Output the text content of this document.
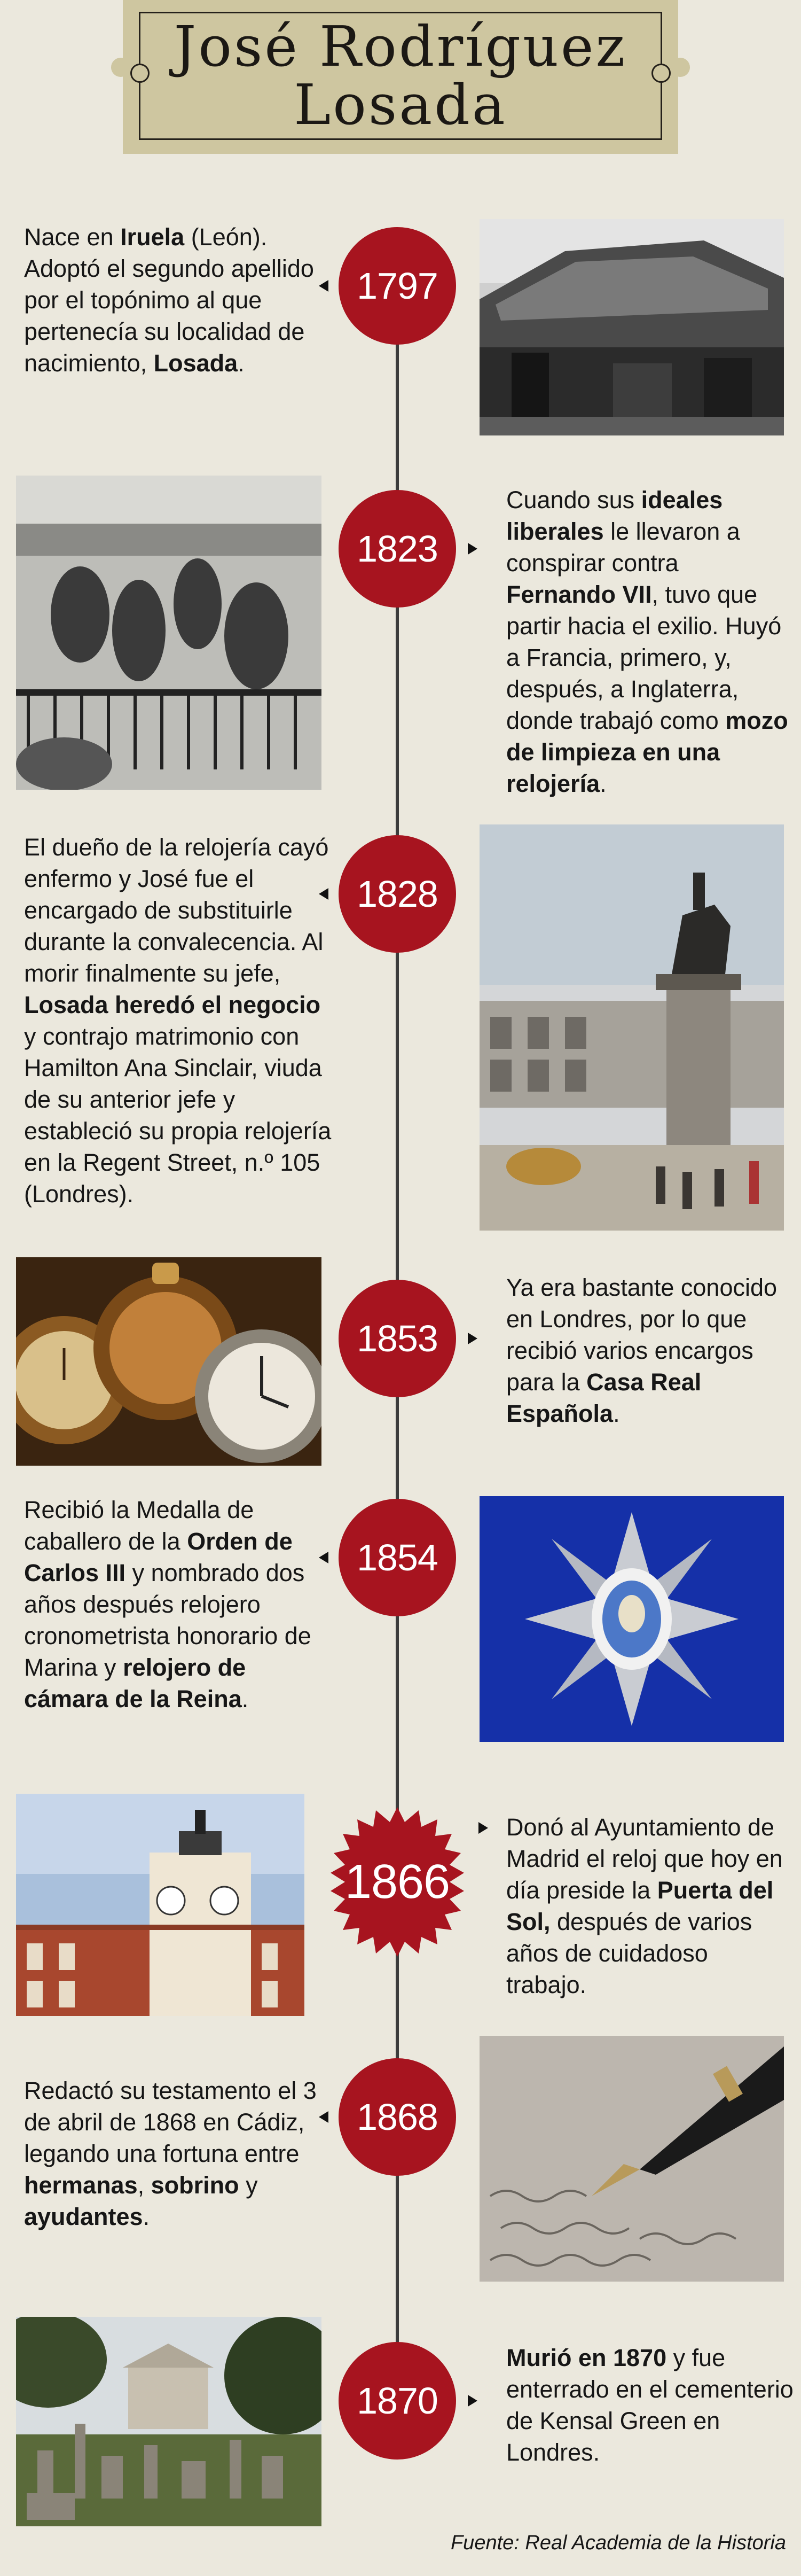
José Rodríguez
Losada
1797
Nace en Iruela (León). Adoptó el segundo apellido por el topónimo al que pertenecía su localidad de nacimiento, Losada.
1823
Cuando sus ideales liberales le llevaron a conspirar contra Fernando VII, tuvo que partir hacia el exilio. Huyó a Francia, primero, y, después, a Inglaterra, donde trabajó como mozo de limpieza en una relojería.
1828
El dueño de la relojería cayó enfermo y José fue el encargado de substituirle durante la convalecencia. Al morir finalmente su jefe, Losada heredó el negocio y contrajo matrimonio con Hamilton Ana Sinclair, viuda de su anterior jefe y estableció su propia relojería en la Regent Street, n.º 105 (Londres).
1853
Ya era bastante conocido en Londres, por lo que recibió varios encargos para la Casa Real Española.
1854
Recibió la Medalla de caballero de la Orden de Carlos III y nombrado dos años después relojero cronometrista honorario de Marina y relojero de cámara de la Reina.
1866
Donó al Ayuntamiento de Madrid el reloj que hoy en día preside la Puerta del Sol, después de varios años de cuidadoso trabajo.
1868
Redactó su testamento el 3 de abril de 1868 en Cádiz, legando una fortuna entre hermanas, sobrino y ayudantes.
1870
Murió en 1870 y fue enterrado en el cementerio de Kensal Green en Londres.
Fuente: Real Academia de la Historia
